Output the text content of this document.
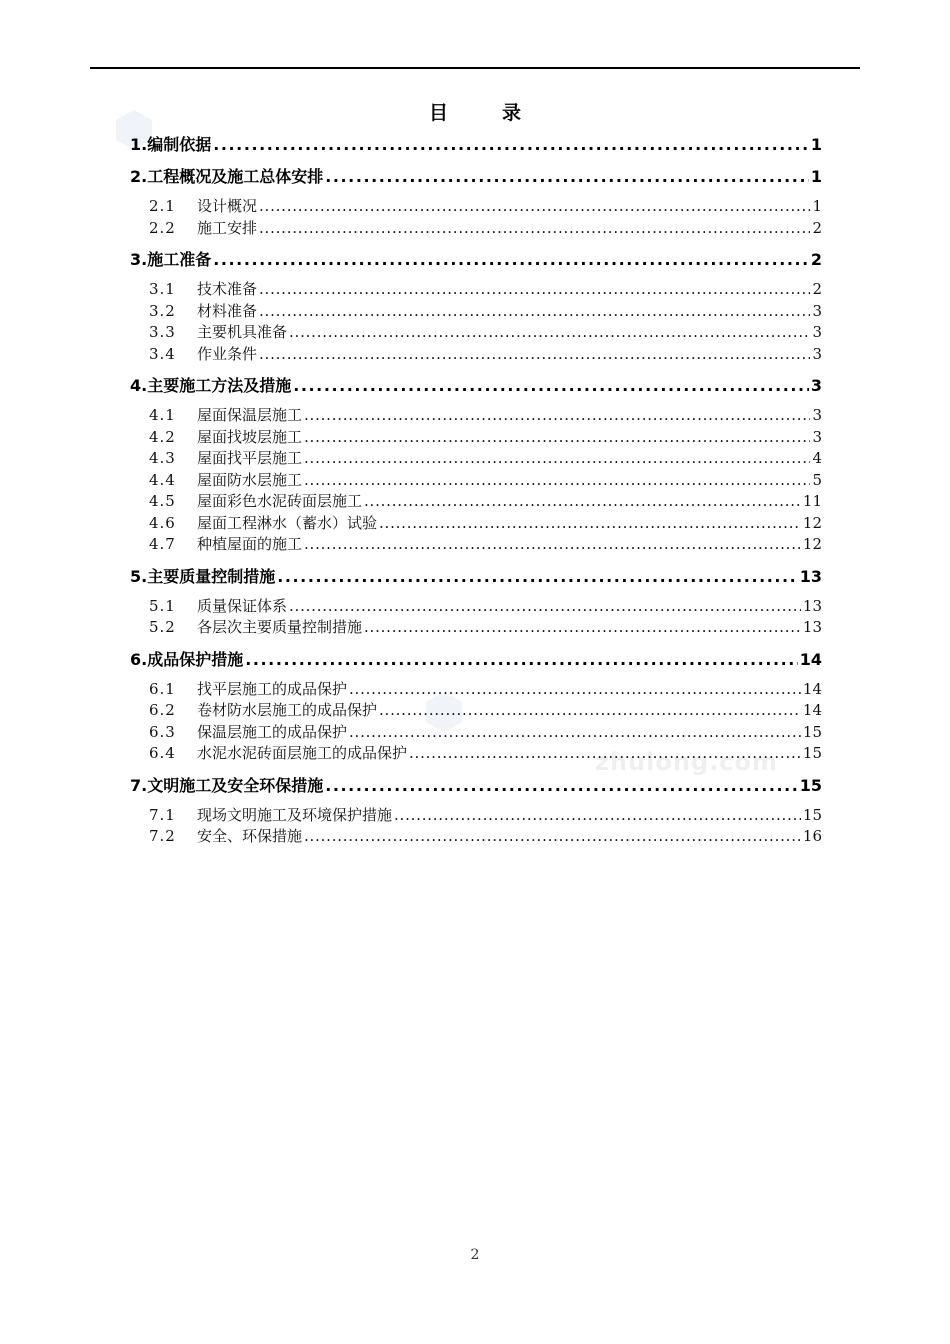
zhulong.com
目	录
1. 编制依据 . . .	1
2. 工程概况及施工总体安排 . . .	1
2.1	设计概况 . . .	1
2.2	施工安排 . . .	2
3. 施工准备 . . .	2
3.1	技术准备 . . .	2
3.2	材料准备 . . .	3
3.3	主要机具准备 . . .	3
3.4	作业条件 . . .	3
4. 主要施工方法及措施 . . .	3
4.1	屋面保温层施工 . . .	3
4.2	屋面找坡层施工 . . .	3
4.3	屋面找平层施工 . . .	4
4.4	屋面防水层施工 . . .	5
4.5	屋面彩色水泥砖面层施工 . . .	11
4.6	屋面工程淋水（蓄水）试验 . . .	12
4.7	种植屋面的施工 . . .	12
5. 主要质量控制措施 . . .	13
5.1	质量保证体系 . . .	13
5.2	各层次主要质量控制措施 . . .	13
6. 成品保护措施 . . .	14
6.1	找平层施工的成品保护 . . .	14
6.2	卷材防水层施工的成品保护 . . .	14
6.3	保温层施工的成品保护 . . .	15
6.4	水泥水泥砖面层施工的成品保护 . . .	15
7. 文明施工及安全环保措施 . . .	15
7.1	现场文明施工及环境保护措施 . . .	15
7.2	安全、环保措施 . . .	16
2
